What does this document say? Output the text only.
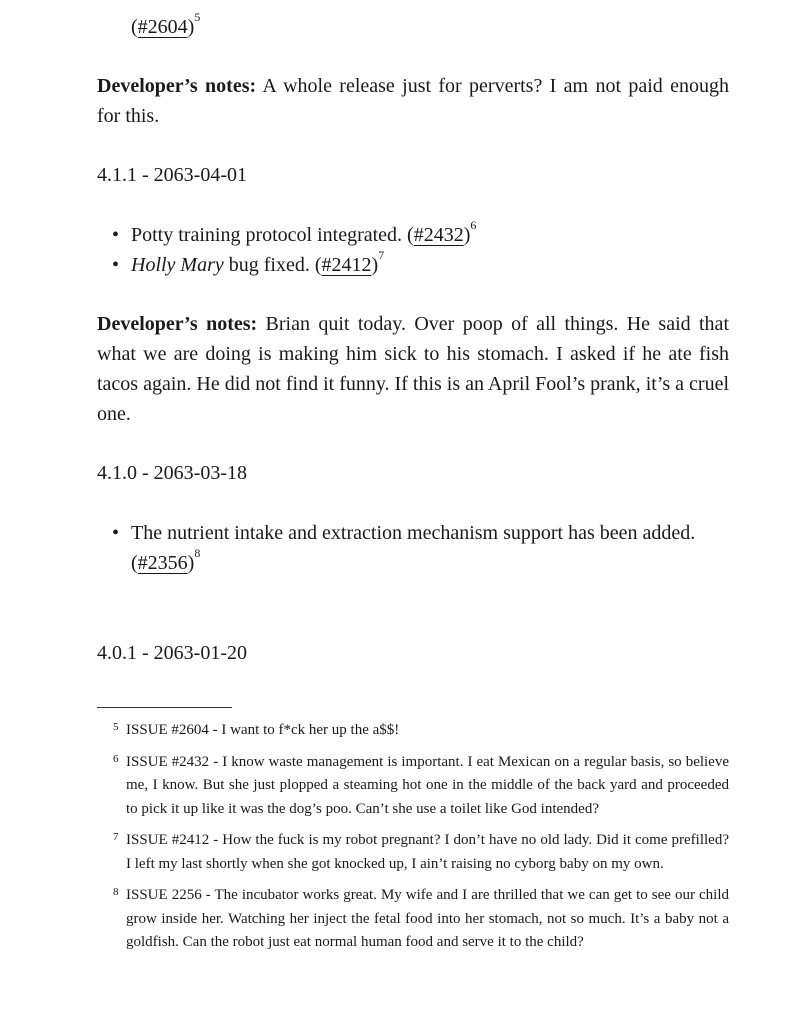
(#2604)$^5$

Developer’s notes: A whole release just for perverts? I am not paid enough for this.

4.1.1 - 2063-04-01

• Potty training protocol integrated. (#2432)$^6$
• Holly Mary bug fixed. (#2412)$^7$

Developer’s notes: Brian quit today. Over poop of all things. He said that what we are doing is making him sick to his stomach. I asked if he ate fish tacos again. He did not find it funny. If this is an April Fool’s prank, it’s a cruel one.

4.1.0 - 2063-03-18

• The nutrient intake and extraction mechanism support has been added.
(#2356)$^8$

4.0.1 - 2063-01-20

5 ISSUE #2604 - I want to f*ck her up the a$$!
6 ISSUE #2432 - I know waste management is important. I eat Mexican on a regular basis, so believe me, I know. But she just plopped a steaming hot one in the middle of the back yard and proceeded to pick it up like it was the dog’s poo. Can’t she use a toilet like God intended?
7 ISSUE #2412 - How the fuck is my robot pregnant? I don’t have no old lady. Did it come prefilled? I left my last shortly when she got knocked up, I ain’t raising no cyborg baby on my own.
8 ISSUE 2256 - The incubator works great. My wife and I are thrilled that we can get to see our child grow inside her. Watching her inject the fetal food into her stomach, not so much. It’s a baby not a goldfish. Can the robot just eat normal human food and serve it to the child?
